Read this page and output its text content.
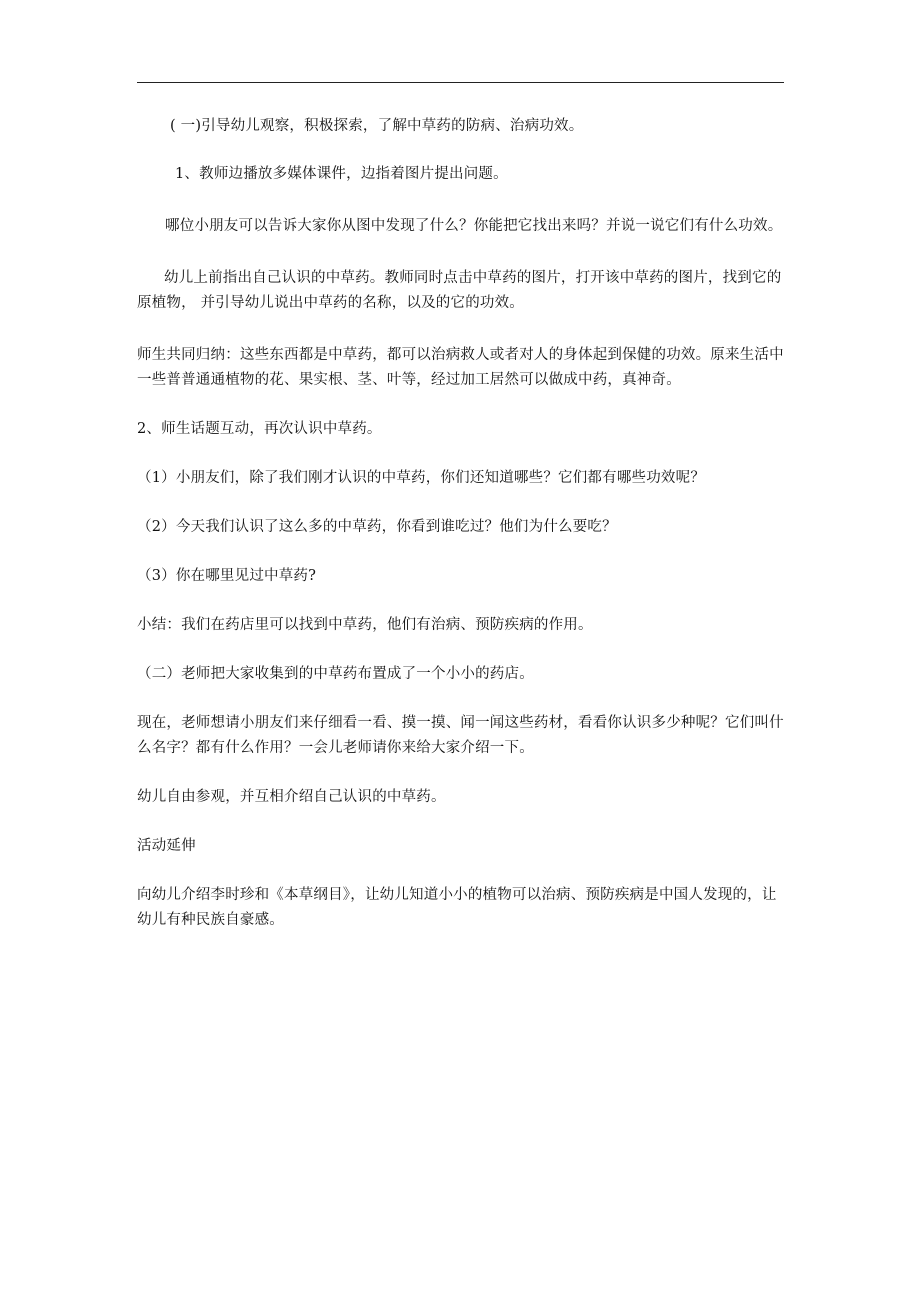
( 一)引导幼儿观察，积极探索，了解中草药的防病、治病功效。

1、教师边播放多媒体课件，边指着图片提出问题。

哪位小朋友可以告诉大家你从图中发现了什么？你能把它找出来吗？并说一说它们有什么功效。

幼儿上前指出自己认识的中草药。教师同时点击中草药的图片，打开该中草药的图片，找到它的原植物， 并引导幼儿说出中草药的名称，以及的它的功效。

师生共同归纳：这些东西都是中草药，都可以治病救人或者对人的身体起到保健的功效。原来生活中一些普普通通植物的花、果实根、茎、叶等，经过加工居然可以做成中药，真神奇。

2、师生话题互动，再次认识中草药。

（1）小朋友们，除了我们刚才认识的中草药，你们还知道哪些？它们都有哪些功效呢？

（2）今天我们认识了这么多的中草药，你看到谁吃过？他们为什么要吃？

（3）你在哪里见过中草药?

小结：我们在药店里可以找到中草药，他们有治病、预防疾病的作用。

（二）老师把大家收集到的中草药布置成了一个小小的药店。

现在，老师想请小朋友们来仔细看一看、摸一摸、闻一闻这些药材，看看你认识多少种呢？它们叫什么名字？都有什么作用？一会儿老师请你来给大家介绍一下。

幼儿自由参观，并互相介绍自己认识的中草药。

活动延伸

向幼儿介绍李时珍和《本草纲目》，让幼儿知道小小的植物可以治病、预防疾病是中国人发现的，让幼儿有种民族自豪感。
